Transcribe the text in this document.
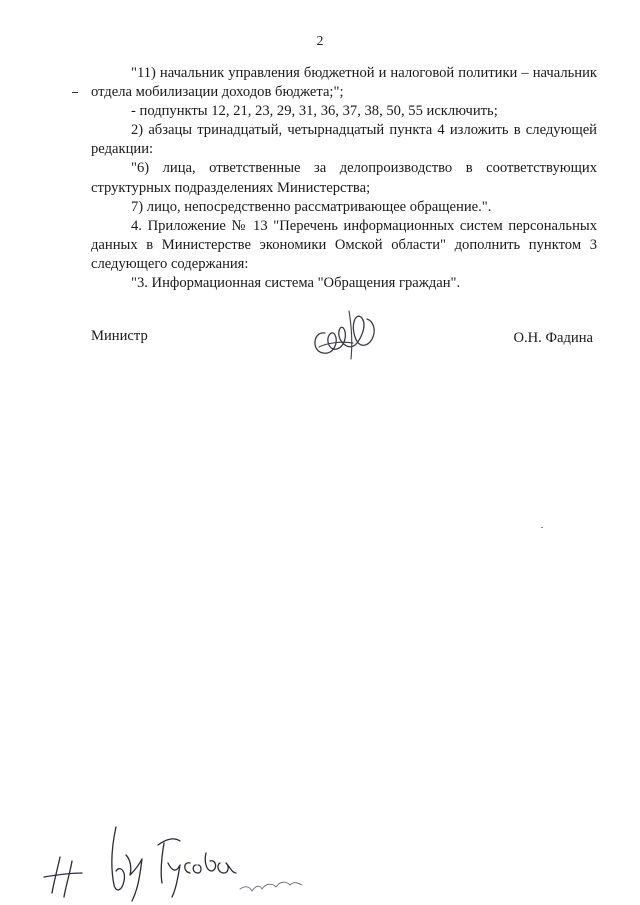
2

"11) начальник управления бюджетной и налоговой политики – начальник отдела мобилизации доходов бюджета;";

- подпункты 12, 21, 23, 29, 31, 36, 37, 38, 50, 55 исключить;

2) абзацы тринадцатый, четырнадцатый пункта 4 изложить в следующей редакции:

"6) лица, ответственные за делопроизводство в соответствующих структурных подразделениях Министерства;

7) лицо, непосредственно рассматривающее обращение.".

4. Приложение № 13 "Перечень информационных систем персональных данных в Министерстве экономики Омской области" дополнить пунктом 3 следующего содержания:

"3. Информационная система "Обращения граждан".

Министр	О.Н. Фадина
